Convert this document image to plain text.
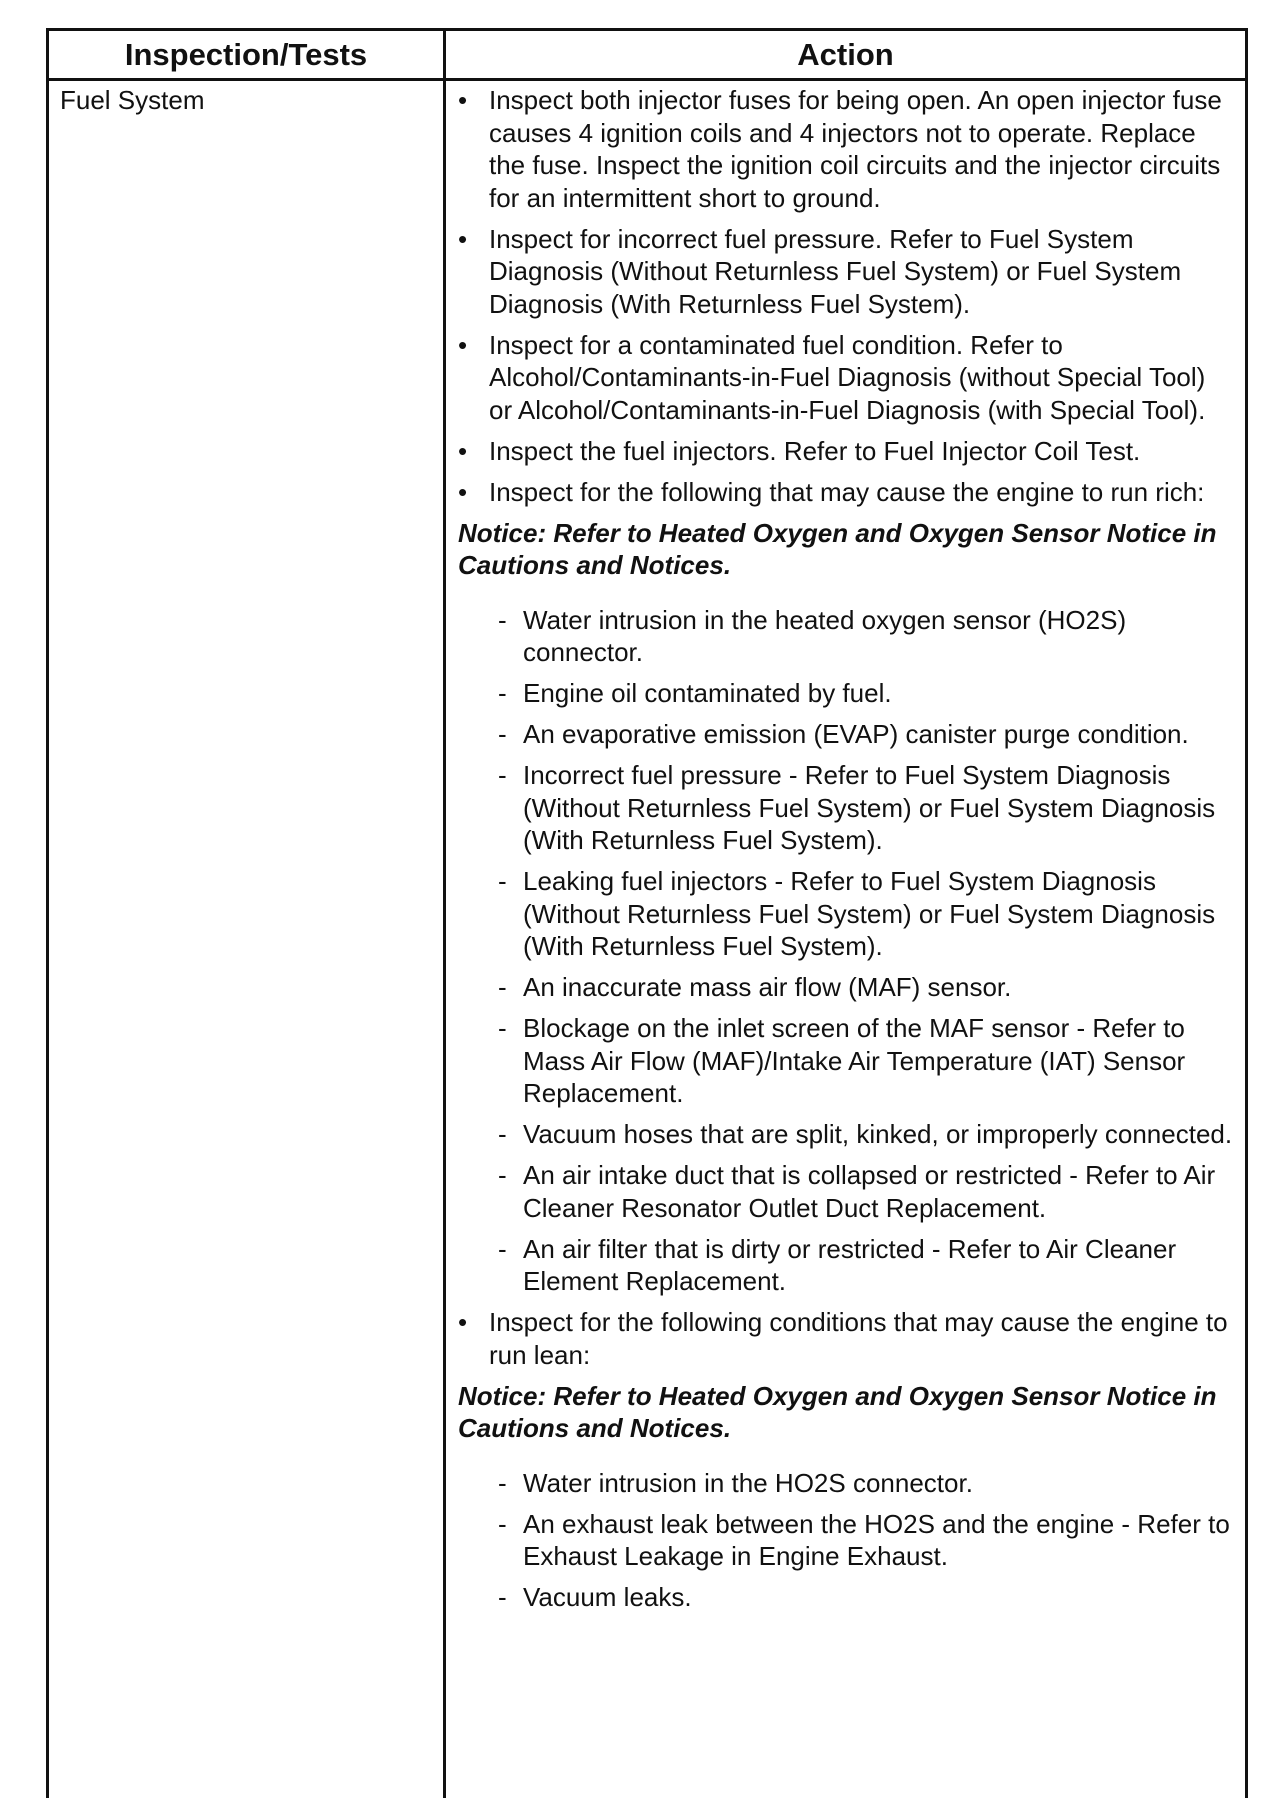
Inspection/Tests	Action
Fuel System	• Inspect both injector fuses for being open. An open injector fuse causes 4 ignition coils and 4 injectors not to operate. Replace the fuse. Inspect the ignition coil circuits and the injector circuits for an intermittent short to ground.
• Inspect for incorrect fuel pressure. Refer to Fuel System Diagnosis (Without Returnless Fuel System) or Fuel System Diagnosis (With Returnless Fuel System).
• Inspect for a contaminated fuel condition. Refer to Alcohol/Contaminants-in-Fuel Diagnosis (without Special Tool) or Alcohol/Contaminants-in-Fuel Diagnosis (with Special Tool).
• Inspect the fuel injectors. Refer to Fuel Injector Coil Test.
• Inspect for the following that may cause the engine to run rich:
Notice: Refer to Heated Oxygen and Oxygen Sensor Notice in Cautions and Notices.
- Water intrusion in the heated oxygen sensor (HO2S) connector.
- Engine oil contaminated by fuel.
- An evaporative emission (EVAP) canister purge condition.
- Incorrect fuel pressure - Refer to Fuel System Diagnosis (Without Returnless Fuel System) or Fuel System Diagnosis (With Returnless Fuel System).
- Leaking fuel injectors - Refer to Fuel System Diagnosis (Without Returnless Fuel System) or Fuel System Diagnosis (With Returnless Fuel System).
- An inaccurate mass air flow (MAF) sensor.
- Blockage on the inlet screen of the MAF sensor - Refer to Mass Air Flow (MAF)/Intake Air Temperature (IAT) Sensor Replacement.
- Vacuum hoses that are split, kinked, or improperly connected.
- An air intake duct that is collapsed or restricted - Refer to Air Cleaner Resonator Outlet Duct Replacement.
- An air filter that is dirty or restricted - Refer to Air Cleaner Element Replacement.
• Inspect for the following conditions that may cause the engine to run lean:
Notice: Refer to Heated Oxygen and Oxygen Sensor Notice in Cautions and Notices.
- Water intrusion in the HO2S connector.
- An exhaust leak between the HO2S and the engine - Refer to Exhaust Leakage in Engine Exhaust.
- Vacuum leaks.
